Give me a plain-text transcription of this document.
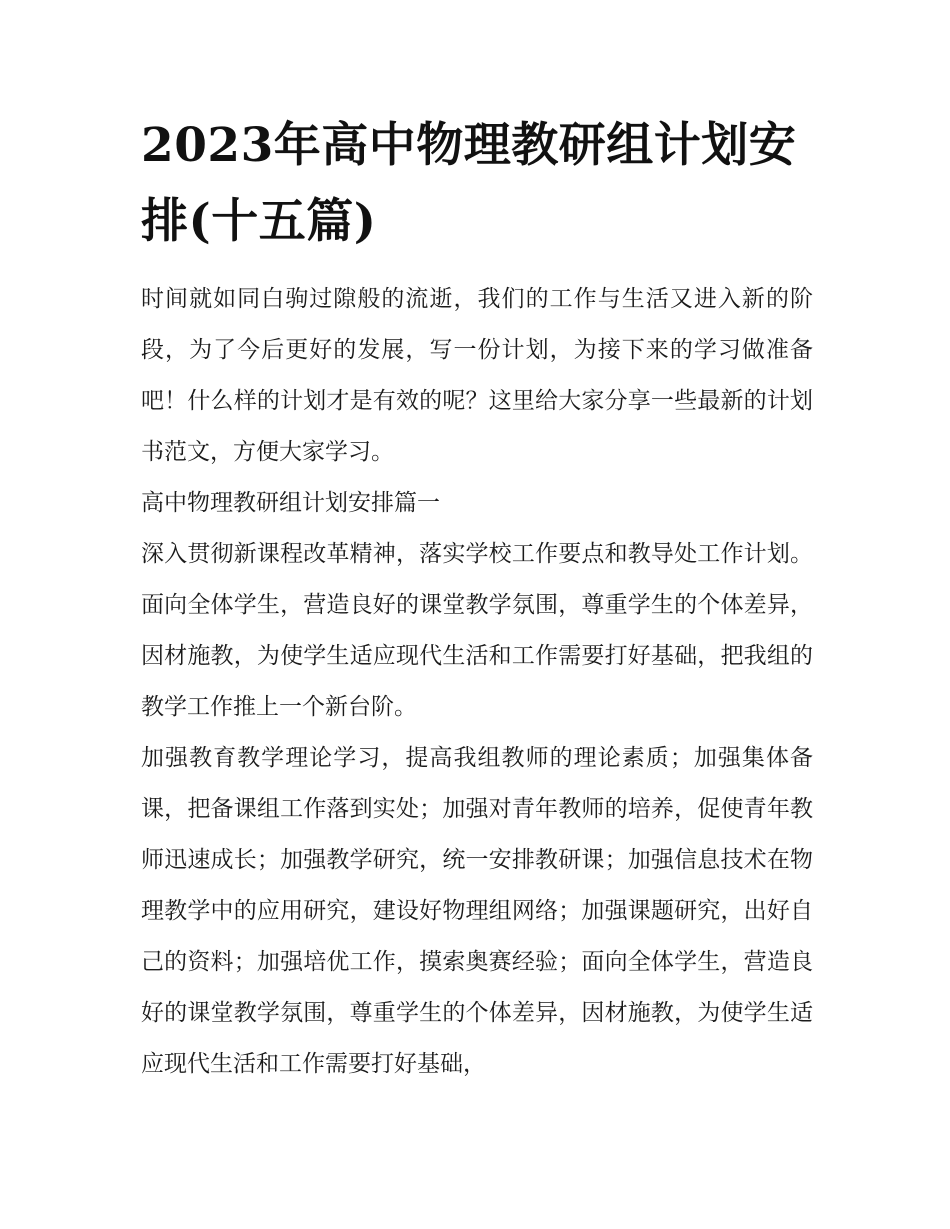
2023年高中物理教研组计划安排(十五篇)

时间就如同白驹过隙般的流逝，我们的工作与生活又进入新的阶段，为了今后更好的发展，写一份计划，为接下来的学习做准备吧！什么样的计划才是有效的呢？这里给大家分享一些最新的计划书范文，方便大家学习。

高中物理教研组计划安排篇一

深入贯彻新课程改革精神，落实学校工作要点和教导处工作计划。面向全体学生，营造良好的课堂教学氛围，尊重学生的个体差异，因材施教，为使学生适应现代生活和工作需要打好基础，把我组的教学工作推上一个新台阶。

加强教育教学理论学习，提高我组教师的理论素质；加强集体备课，把备课组工作落到实处；加强对青年教师的培养，促使青年教师迅速成长；加强教学研究，统一安排教研课；加强信息技术在物理教学中的应用研究，建设好物理组网络；加强课题研究，出好自己的资料；加强培优工作，摸索奥赛经验；面向全体学生，营造良好的课堂教学氛围，尊重学生的个体差异，因材施教，为使学生适应现代生活和工作需要打好基础，
